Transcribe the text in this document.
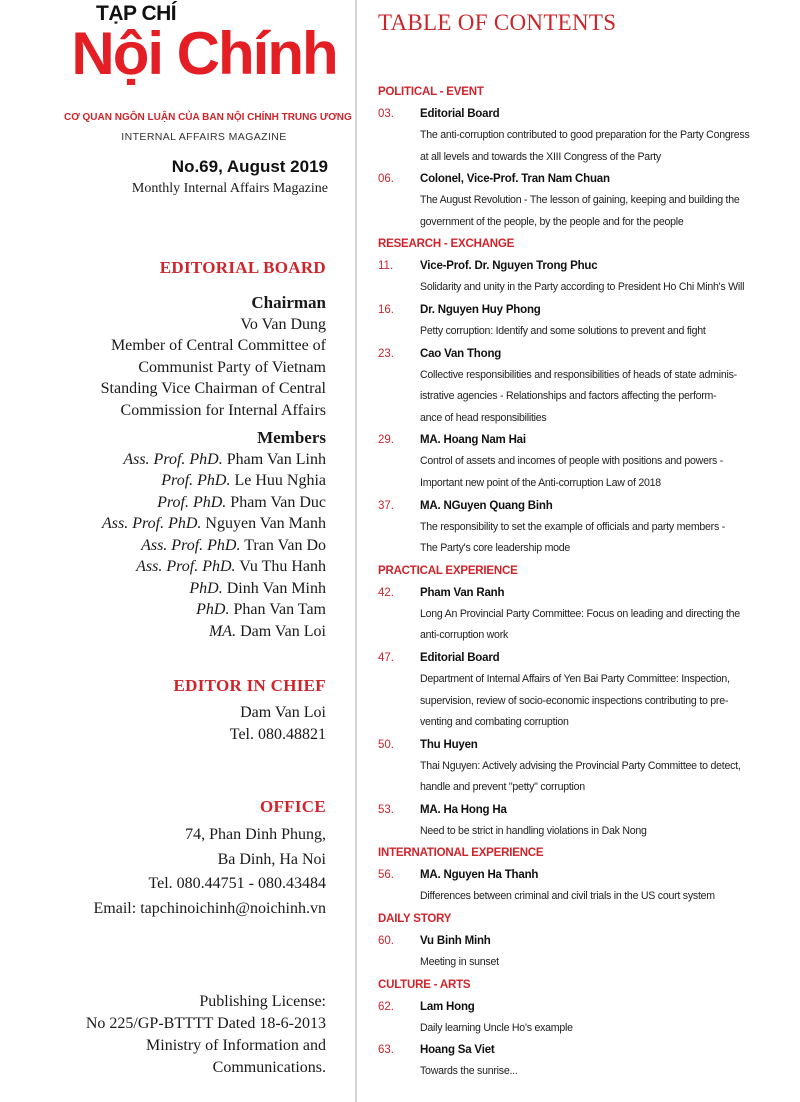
TẠP CHÍ
Nội Chính
CƠ QUAN NGÔN LUẬN CỦA BAN NỘI CHÍNH TRUNG ƯƠNG
INTERNAL AFFAIRS MAGAZINE
No.69, August 2019
Monthly Internal Affairs Magazine
EDITORIAL BOARD
Chairman
Vo Van Dung
Member of Central Committee of
Communist Party of Vietnam
Standing Vice Chairman of Central
Commission for Internal Affairs
Members
Ass. Prof. PhD. Pham Van Linh
Prof. PhD. Le Huu Nghia
Prof. PhD. Pham Van Duc
Ass. Prof. PhD. Nguyen Van Manh
Ass. Prof. PhD. Tran Van Do
Ass. Prof. PhD. Vu Thu Hanh
PhD. Dinh Van Minh
PhD. Phan Van Tam
MA. Dam Van Loi
EDITOR IN CHIEF
Dam Van Loi
Tel. 080.48821
OFFICE
74, Phan Dinh Phung,
Ba Dinh, Ha Noi
Tel. 080.44751 - 080.43484
Email: tapchinoichinh@noichinh.vn
Publishing License:
No 225/GP-BTTTT Dated 18-6-2013
Ministry of Information and
Communications.
TABLE OF CONTENTS
POLITICAL - EVENT
03.	Editorial Board
The anti-corruption contributed to good preparation for the Party Congress
at all levels and towards the XIII Congress of the Party
06.	Colonel, Vice-Prof. Tran Nam Chuan
The August Revolution - The lesson of gaining, keeping and building the
government of the people, by the people and for the people
RESEARCH - EXCHANGE
11.	Vice-Prof. Dr. Nguyen Trong Phuc
Solidarity and unity in the Party according to President Ho Chi Minh's Will
16.	Dr. Nguyen Huy Phong
Petty corruption: Identify and some solutions to prevent and fight
23.	Cao Van Thong
Collective responsibilities and responsibilities of heads of state adminis-
istrative agencies - Relationships and factors affecting the perform-
ance of head responsibilities
29.	MA. Hoang Nam Hai
Control of assets and incomes of people with positions and powers -
Important new point of the Anti-corruption Law of 2018
37.	MA. NGuyen Quang Binh
The responsibility to set the example of officials and party members -
The Party's core leadership mode
PRACTICAL EXPERIENCE
42.	Pham Van Ranh
Long An Provincial Party Committee: Focus on leading and directing the
anti-corruption work
47.	Editorial Board
Department of Internal Affairs of Yen Bai Party Committee: Inspection,
supervision, review of socio-economic inspections contributing to pre-
venting and combating corruption
50.	Thu Huyen
Thai Nguyen: Actively advising the Provincial Party Committee to detect,
handle and prevent "petty" corruption
53.	MA. Ha Hong Ha
Need to be strict in handling violations in Dak Nong
INTERNATIONAL EXPERIENCE
56.	MA. Nguyen Ha Thanh
Differences between criminal and civil trials in the US court system
DAILY STORY
60.	Vu Binh Minh
Meeting in sunset
CULTURE - ARTS
62.	Lam Hong
Daily learning Uncle Ho's example
63.	Hoang Sa Viet
Towards the sunrise...
